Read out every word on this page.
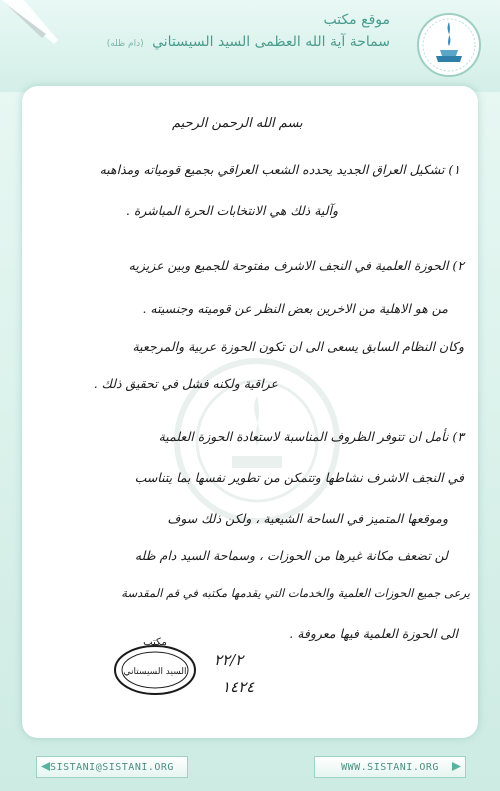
موقع مكتب
سماحة آية الله العظمى السيد السيستاني (دام ظله)
بسم الله الرحمن الرحيم
١) تشكيل العراق الجديد يحدده الشعب العراقي بجميع قومياته ومذاهبه
وآلية ذلك هي الانتخابات الحرة المباشرة .
٢) الحوزة العلمية في النجف الاشرف مفتوحة للجميع وبين عزيزيه
من هو الاهلية من الاخرين بعض النظر عن قوميته وجنسيته .
وكان النظام السابق يسعى الى ان تكون الحوزة عربية والمرجعية
عراقية ولكنه فشل في تحقيق ذلك .
٣) نأمل ان تتوفر الظروف المناسبة لاستعادة الحوزة العلمية
في النجف الاشرف نشاطها وتتمكن من تطوير نفسها بما يتناسب
وموقعها المتميز في الساحة الشيعية ، ولكن ذلك سوف
لن تضعف مكانة غيرها من الحوزات ، وسماحة السيد دام ظله
يرعى جميع الحوزات العلمية والخدمات التي يقدمها مكتبه في قم المقدسة
الى الحوزة العلمية فيها معروفة .
٢٢/٢
١٤٢٤
مكتب
السيد السيستاني
SISTANI@SISTANI.ORG	WWW.SISTANI.ORG
